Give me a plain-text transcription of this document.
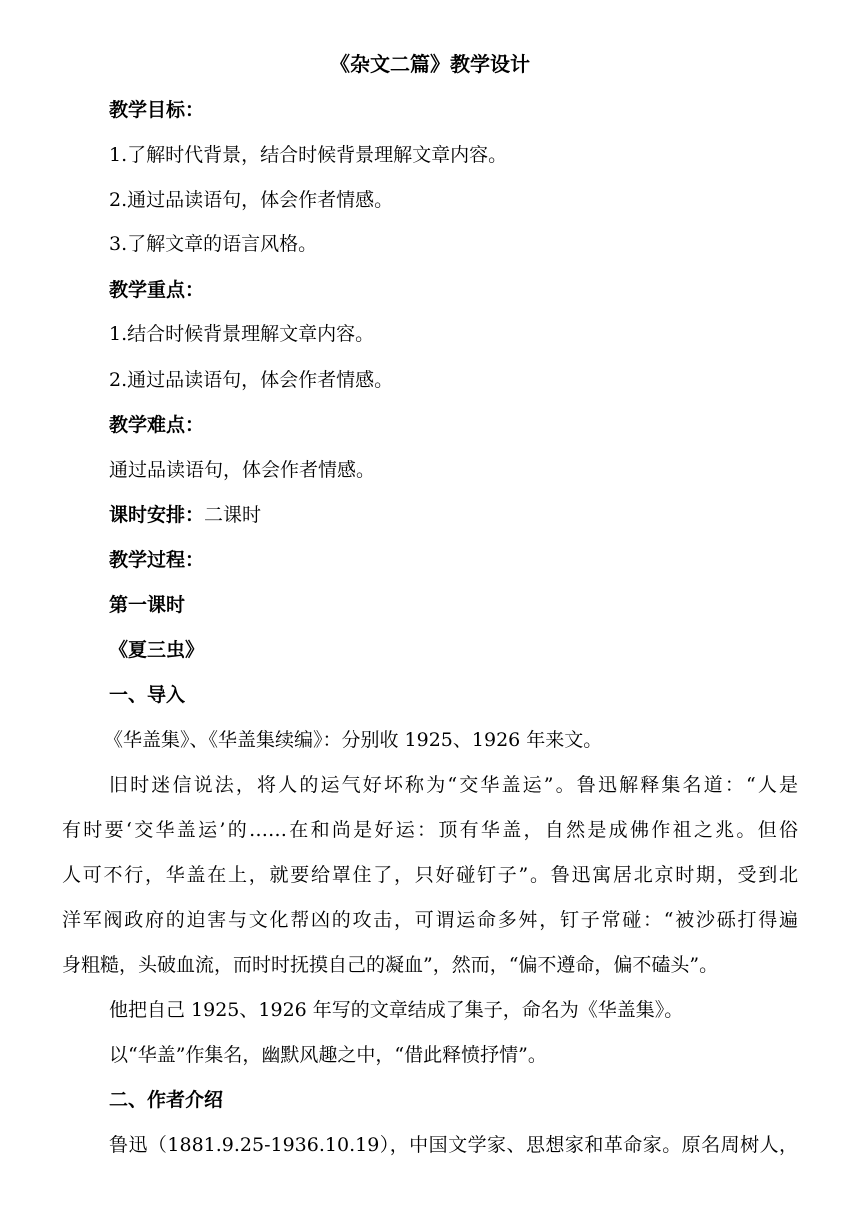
《杂文二篇》教学设计
教学目标：
1.了解时代背景，结合时候背景理解文章内容。
2.通过品读语句，体会作者情感。
3.了解文章的语言风格。
教学重点：
1.结合时候背景理解文章内容。
2.通过品读语句，体会作者情感。
教学难点：
通过品读语句，体会作者情感。
课时安排：二课时
教学过程：
第一课时
《夏三虫》
一、导入
《华盖集》、《华盖集续编》：分别收 1925、1926 年来文。
旧时迷信说法，将人的运气好坏称为“交华盖运”。鲁迅解释集名道：“人是
有时要‘交华盖运’的……在和尚是好运：顶有华盖，自然是成佛作祖之兆。但俗
人可不行，华盖在上，就要给罩住了，只好碰钉子”。鲁迅寓居北京时期，受到北
洋军阀政府的迫害与文化帮凶的攻击，可谓运命多舛，钉子常碰：“被沙砾打得遍
身粗糙，头破血流，而时时抚摸自己的凝血”，然而，“偏不遵命，偏不磕头”。
他把自己 1925、1926 年写的文章结成了集子，命名为《华盖集》。
以“华盖”作集名，幽默风趣之中，“借此释愤抒情”。
二、作者介绍
鲁迅（1881.9.25-1936.10.19），中国文学家、思想家和革命家。原名周树人，
